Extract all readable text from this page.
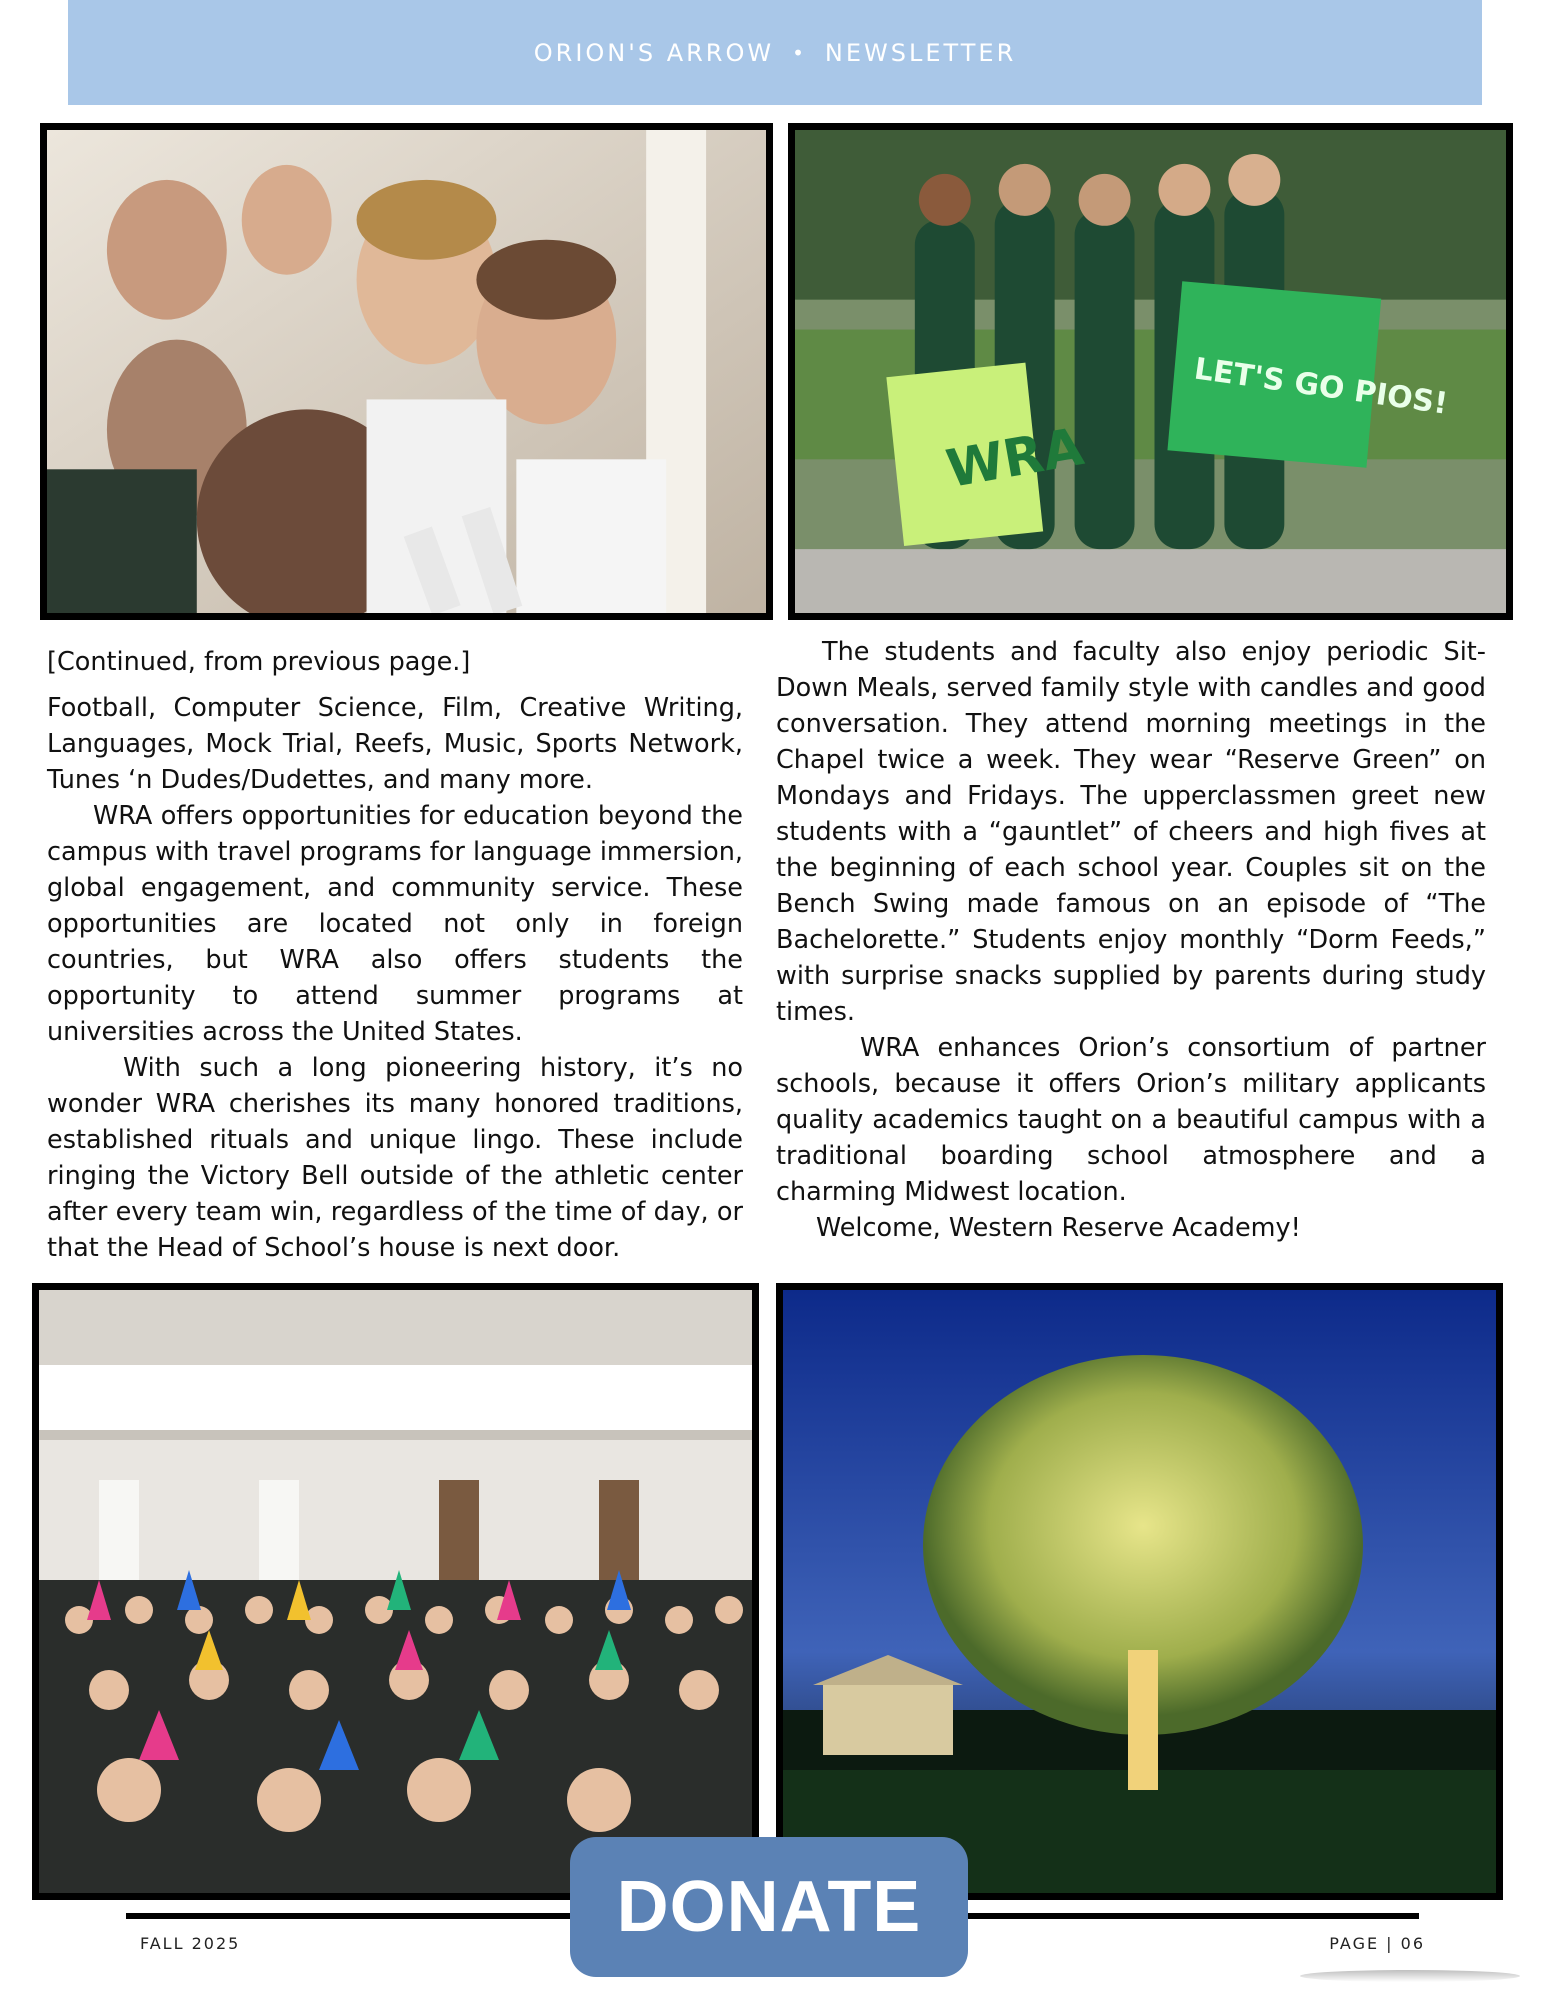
ORION'S ARROW • NEWSLETTER
WRA
LET'S GO PIOS!

[Continued, from previous page.]

Football, Computer Science, Film, Creative Writing, Languages, Mock Trial, Reefs, Music, Sports Network, Tunes ‘n Dudes/Dudettes, and many more.

WRA offers opportunities for education beyond the campus with travel programs for language immersion, global engagement, and community service. These opportunities are located not only in foreign countries, but WRA also offers students the opportunity to attend summer programs at universities across the United States.

With such a long pioneering history, it’s no wonder WRA cherishes its many honored traditions, established rituals and unique lingo. These include ringing the Victory Bell outside of the athletic center after every team win, regardless of the time of day, or that the Head of School’s house is next door.

The students and faculty also enjoy periodic Sit-Down Meals, served family style with candles and good conversation. They attend morning meetings in the Chapel twice a week. They wear “Reserve Green” on Mondays and Fridays. The upperclassmen greet new students with a “gauntlet” of cheers and high fives at the beginning of each school year. Couples sit on the Bench Swing made famous on an episode of “The Bachelorette.” Students enjoy monthly “Dorm Feeds,” with surprise snacks supplied by parents during study times.

WRA enhances Orion’s consortium of partner schools, because it offers Orion’s military applicants quality academics taught on a beautiful campus with a traditional boarding school atmosphere and a charming Midwest location.

Welcome, Western Reserve Academy!

DONATE
FALL 2025	PAGE | 06
